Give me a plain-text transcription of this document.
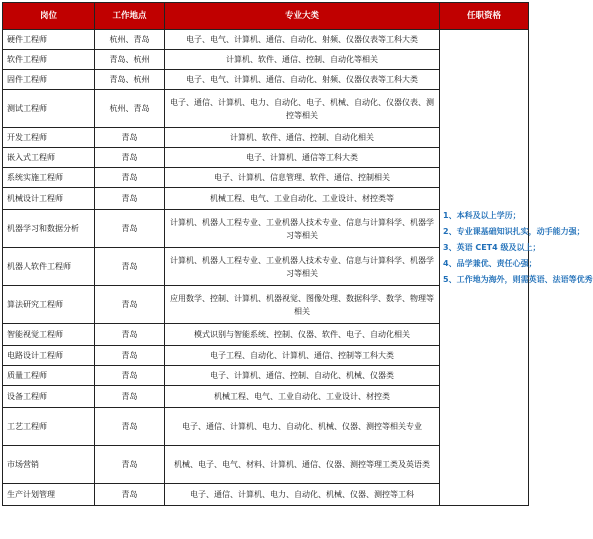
岗位	工作地点	专业大类	任职资格
硬件工程师	杭州、青岛	电子、电气、计算机、通信、自动化、射频、仪器仪表等工科大类	1、本科及以上学历；
2、专业课基础知识扎实，动手能力强；
3、英语 CET4 级及以上；
4、品学兼优、责任心强；
5、工作地为海外，则需英语、法语等优秀

软件工程师	青岛、杭州	计算机、软件、通信、控制、自动化等相关	
固件工程师	青岛、杭州	电子、电气、计算机、通信、自动化、射频、仪器仪表等工科大类	
测试工程师	杭州、青岛	电子、通信、计算机、电力、自动化、电子、机械、自动化、仪器仪表、测控等相关	
开发工程师	青岛	计算机、软件、通信、控制、自动化相关	
嵌入式工程师	青岛	电子、计算机、通信等工科大类	
系统实施工程师	青岛	电子、计算机、信息管理、软件、通信、控制相关	
机械设计工程师	青岛	机械工程、电气、工业自动化、工业设计、材控类等	
机器学习和数据分析	青岛	计算机、机器人工程专业、工业机器人技术专业、信息与计算科学、机器学习等相关	
机器人软件工程师	青岛	计算机、机器人工程专业、工业机器人技术专业、信息与计算科学、机器学习等相关	
算法研究工程师	青岛	应用数学、控制、计算机、机器视觉、图像处理、数据科学、数学、物理等相关	
智能视觉工程师	青岛	模式识别与智能系统、控制、仪器、软件、电子、自动化相关	
电路设计工程师	青岛	电子工程、自动化、计算机、通信、控制等工科大类	
质量工程师	青岛	电子、计算机、通信、控制、自动化、机械、仪器类	
设备工程师	青岛	机械工程、电气、工业自动化、工业设计、材控类	
工艺工程师	青岛	电子、通信、计算机、电力、自动化、机械、仪器、测控等相关专业	
市场营销	青岛	机械、电子、电气、材料、计算机、通信、仪器、测控等理工类及英语类	
生产计划管理	青岛	电子、通信、计算机、电力、自动化、机械、仪器、测控等工科	
